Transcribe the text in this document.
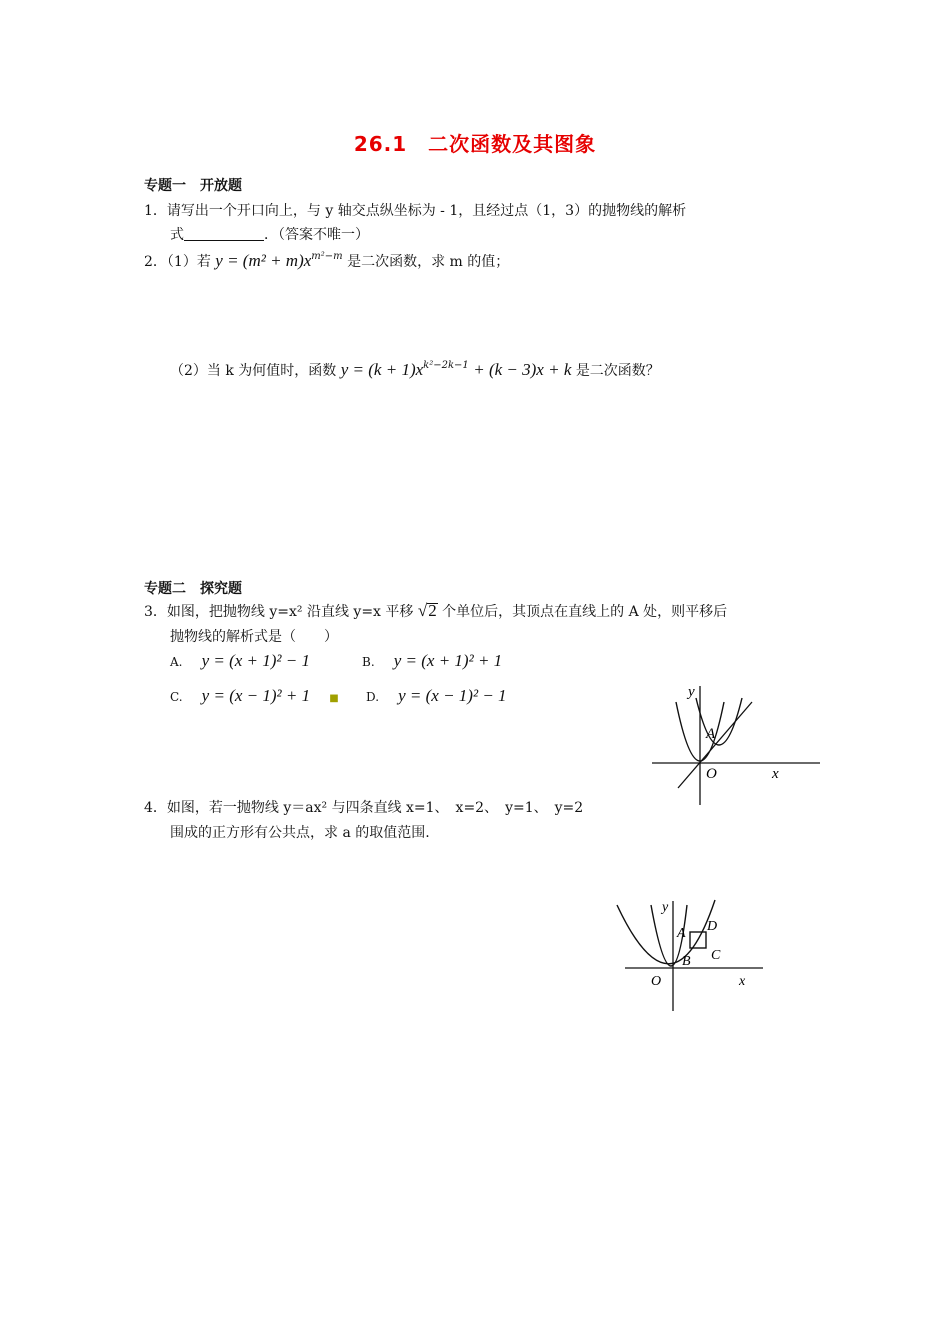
26.1　二次函数及其图象
专题一　开放题
1．请写出一个开口向上，与 y 轴交点纵坐标为 - 1，且经过点（1，3）的抛物线的解析
式	．（答案不唯一）
2．（1）若 $y = (m^2 + m)x^{m^2-m}$ 是二次函数，求 m 的值；
（2）当 k 为何值时，函数 $y = (k + 1)x^{k^2-2k-1} + (k - 3)x + k$ 是二次函数？
专题二　探究题
3．如图，把抛物线 y=x² 沿直线 y=x 平移 √2 个单位后，其顶点在直线上的 A 处，则平移后
抛物线的解析式是（　　）
A. y = (x + 1)² − 1	B. y = (x + 1)² + 1
C. y = (x − 1)² + 1 ■ D. y = (x − 1)² − 1	y
A
O	x
4．如图，若一抛物线 y＝ax² 与四条直线 x=1、　x=2、　y=1、　y=2
围成的正方形有公共点，求 a 的取值范围.
y
A
B C
D
O	x
